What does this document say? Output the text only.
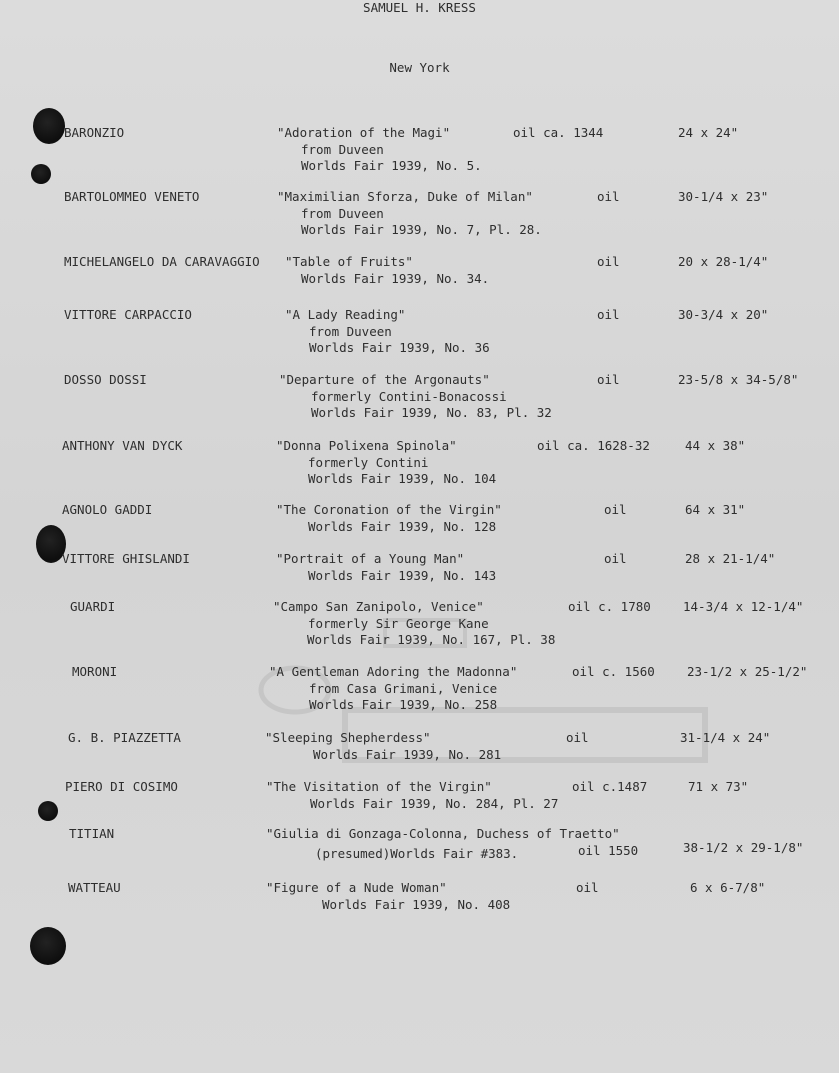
SAMUEL H. KRESS
New York
BARONZIO	"Adoration of the Magi"	oil ca. 1344	24 x 24"
from Duveen
Worlds Fair 1939, No. 5.
BARTOLOMMEO VENETO	"Maximilian Sforza, Duke of Milan"	oil	30-1/4 x 23"
from Duveen
Worlds Fair 1939, No. 7, Pl. 28.
MICHELANGELO DA CARAVAGGIO "Table of Fruits"	oil	20 x 28-1/4"
Worlds Fair 1939, No. 34.
VITTORE CARPACCIO	"A Lady Reading"	oil	30-3/4 x 20"
from Duveen
Worlds Fair 1939, No. 36
DOSSO DOSSI	"Departure of the Argonauts"	oil	23-5/8 x 34-5/8"
formerly Contini-Bonacossi
Worlds Fair 1939, No. 83, Pl. 32
ANTHONY VAN DYCK	"Donna Polixena Spinola"	oil ca. 1628-32	44 x 38"
formerly Contini
Worlds Fair 1939, No. 104
AGNOLO GADDI	"The Coronation of the Virgin"	oil	64 x 31"
Worlds Fair 1939, No. 128
VITTORE GHISLANDI	"Portrait of a Young Man"	oil	28 x 21-1/4"
Worlds Fair 1939, No. 143
GUARDI	"Campo San Zanipolo, Venice"	oil c. 1780	14-3/4 x 12-1/4"
formerly Sir George Kane
Worlds Fair 1939, No. 167, Pl. 38
MORONI	"A Gentleman Adoring the Madonna"	oil c. 1560	23-1/2 x 25-1/2"
from Casa Grimani, Venice
Worlds Fair 1939, No. 258
G. B. PIAZZETTA	"Sleeping Shepherdess"	oil	31-1/4 x 24"
Worlds Fair 1939, No. 281
PIERO DI COSIMO	"The Visitation of the Virgin"	oil c.1487	71 x 73"
Worlds Fair 1939, No. 284, Pl. 27
TITIAN	"Giulia di Gonzaga-Colonna, Duchess of Traetto"
oil 1550	38-1/2 x 29-1/8"
(presumed)Worlds Fair #383.
WATTEAU	"Figure of a Nude Woman"	oil	6 x 6-7/8"
Worlds Fair 1939, No. 408
